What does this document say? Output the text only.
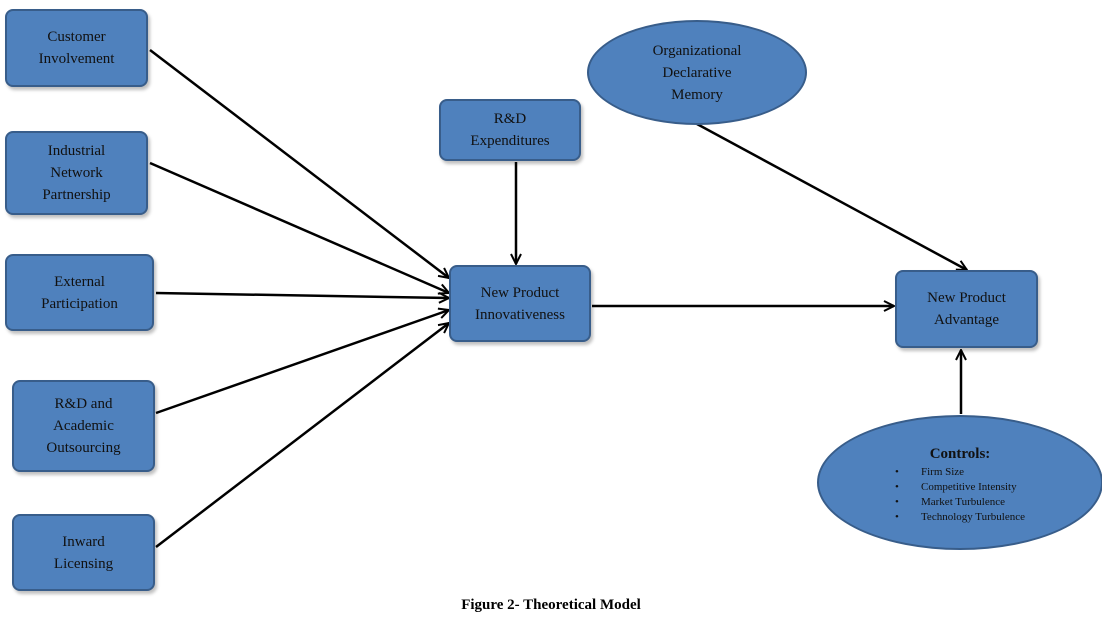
Customer
Involvement
Industrial
Network
Partnership
External
Participation
R&D and
Academic
Outsourcing
Inward
Licensing
R&D
Expenditures
New Product
Innovativeness
New Product
Advantage
Organizational
Declarative
Memory
Controls:
• Firm Size
• Competitive Intensity
• Market Turbulence
• Technology Turbulence
Figure 2- Theoretical Model
